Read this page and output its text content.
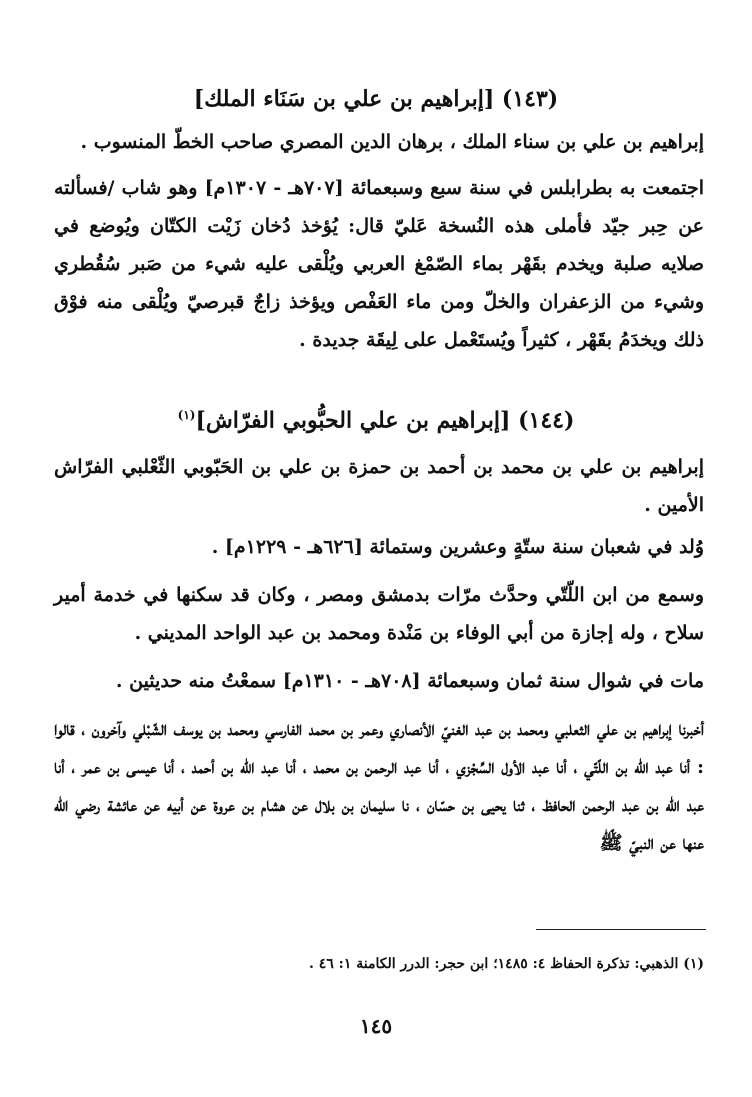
(١٤٣) [إبراهيم بن علي بن سَنَاء الملك]

إبراهيم بن علي بن سناء الملك ، برهان الدين المصري صاحب الخطّ المنسوب .

اجتمعت به بطرابلس في سنة سبع وسبعمائة [٧٠٧هـ - ١٣٠٧م] وهو شاب /فسألته عن حِبر جيّد فأملى هذه النُسخة عَليّ قال: يُؤخذ دُخان زَيْت الكتّان ويُوضع في صلايه صلبة ويخدم بقَهْر بماء الصّمْغ العربي ويُلْقى عليه شيء من صَبر سُقُطري وشيء من الزعفران والخلّ ومن ماء العَفْص ويؤخذ زاجٌ قبرصيّ ويُلْقى منه فوْق ذلك ويخدَمُ بقَهْر ، كثيراً ويُستَعْمل على لِيقَة جديدة .

(١٤٤) [إبراهيم بن علي الحبُّوبي الفرّاش]$^{(١)}$

إبراهيم بن علي بن محمد بن أحمد بن حمزة بن علي بن الحَبّوبي الثّعْلبي الفرّاش الأمين .

وُلد في شعبان سنة ستّةٍ وعشرين وستمائة [٦٢٦هـ - ١٢٢٩م] .

وسمع من ابن اللّتّي وحدَّث مرّات بدمشق ومصر ، وكان قد سكنها في خدمة أمير سلاح ، وله إجازة من أبي الوفاء بن مَنْدة ومحمد بن عبد الواحد المديني .

مات في شوال سنة ثمان وسبعمائة [٧٠٨هـ - ١٣١٠م] سمعْتُ منه حديثين .

أخبرنا إبراهيم بن علي الثعلبي ومحمد بن عبد الغنيّ الأنصاري وعمر بن محمد الفارسي ومحمد بن يوسف الشّبْلي وآخرون ، قالوا : أنا عبد الله بن اللّتّي ، أنا عبد الأول السِّجْزي ، أنا عبد الرحمن بن محمد ، أنا عبد الله بن أحمد ، أنا عيسى بن عمر ، أنا عبد الله بن عبد الرحمن الحافظ ، ثنا يحيى بن حسّان ، نا سليمان بن بلال عن هشام بن عروة عن أبيه عن عائشة رضي الله عنها عن النبيّ ﷺ

(١) الذهبي: تذكرة الحفاظ ٤: ١٤٨٥؛ ابن حجر: الدرر الكامنة ١: ٤٦ .
١٤٥
